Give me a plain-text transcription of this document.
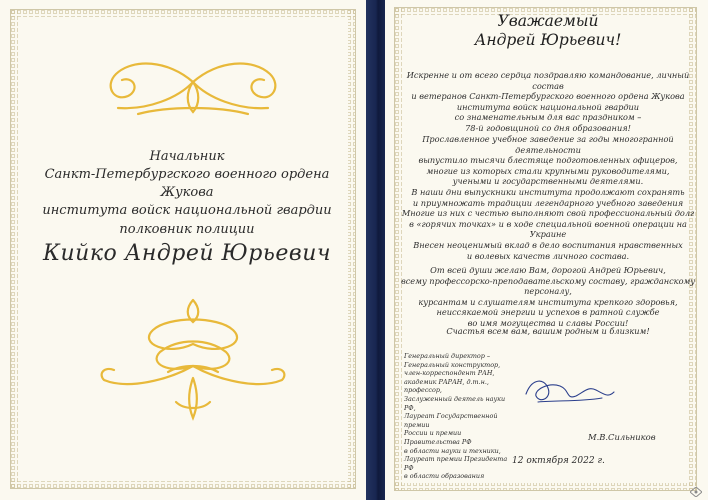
Начальник
Санкт-Петербургского военного ордена Жукова
института войск национальной гвардии
полковник полиции
Кийко Андрей Юрьевич
Уважаемый
Андрей Юрьевич!
Искренне и от всего сердца поздравляю командование, личный состав
и ветеранов Санкт-Петербургского военного ордена Жукова
института войск национальной гвардии
со знаменательным для вас праздником –
78-й годовщиной со дня образования!
Прославленное учебное заведение за годы многогранной деятельности
выпустило тысячи блестяще подготовленных офицеров,
многие из которых стали крупными руководителями,
учеными и государственными деятелями.
В наши дни выпускники института продолжают сохранять
и приумножать традиции легендарного учебного заведения
Многие из них с честью выполняют свой профессиональный долг
в «горячих точках» и в ходе специальной военной операции на Украине
Внесен неоценимый вклад в дело воспитания нравственных
и волевых качеств личного состава.
От всей души желаю Вам, дорогой Андрей Юрьевич,
всему профессорско-преподавательскому составу, гражданскому персоналу,
курсантам и слушателям института крепкого здоровья,
неиссякаемой энергии и успехов в ратной службе
во имя могущества и славы России!
Счастья всем вам, вашим родным и близким!
Генеральный директор –
Генеральный конструктор,
член-корреспондент РАН,
академик РАРАН, д.т.н., профессор,
Заслуженный деятель науки РФ,
Лауреат Государственной премии
России и премии Правительства РФ
в области науки и техники,
Лауреат премии Президента РФ
в области образования
М.В.Сильников
12 октября 2022 г.
